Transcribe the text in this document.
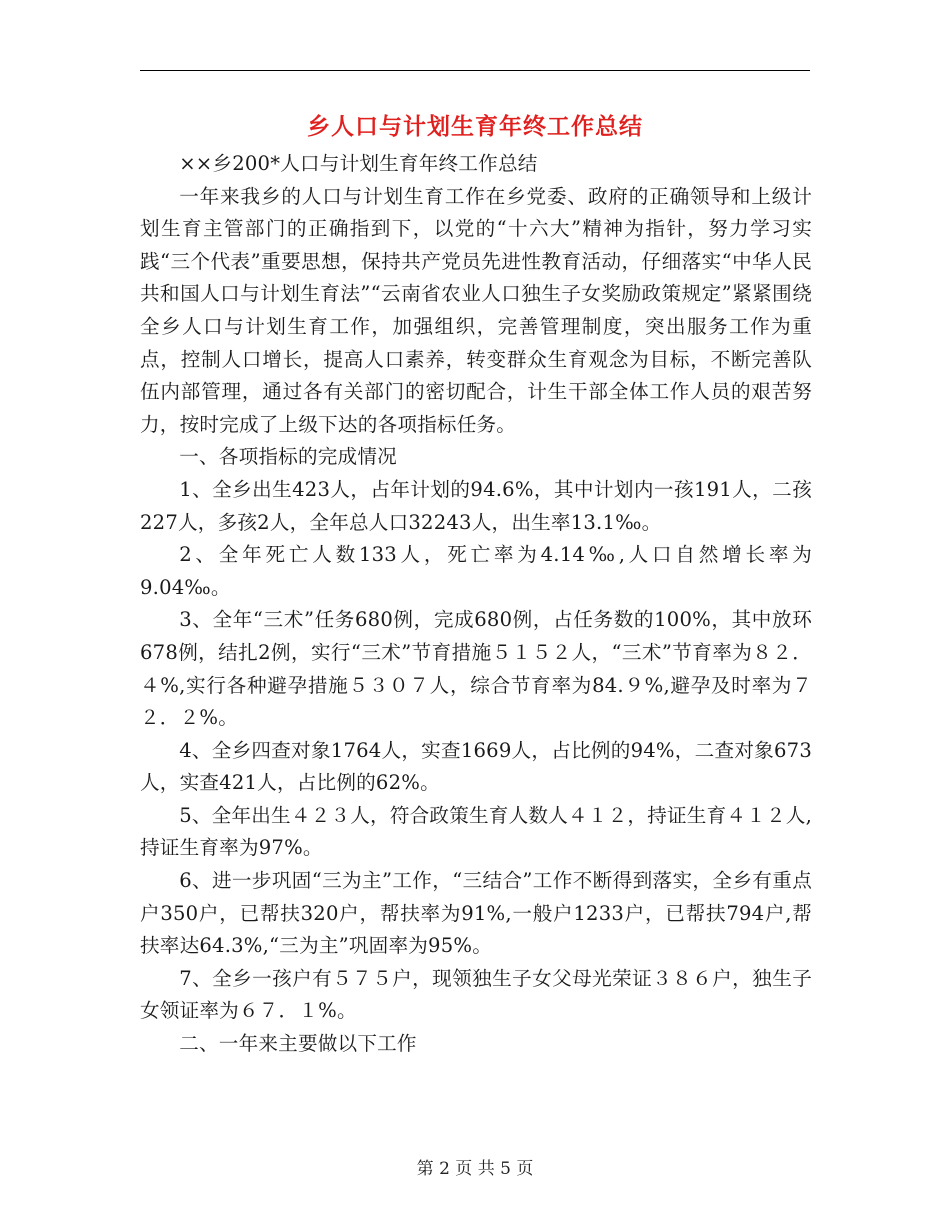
乡人口与计划生育年终工作总结

××乡200*人口与计划生育年终工作总结

一年来我乡的人口与计划生育工作在乡党委、政府的正确领导和上级计划生育主管部门的正确指到下，以党的“十六大”精神为指针，努力学习实践“三个代表”重要思想，保持共产党员先进性教育活动，仔细落实“中华人民共和国人口与计划生育法”“云南省农业人口独生子女奖励政策规定”紧紧围绕全乡人口与计划生育工作，加强组织，完善管理制度，突出服务工作为重点，控制人口增长，提高人口素养，转变群众生育观念为目标，不断完善队伍内部管理，通过各有关部门的密切配合，计生干部全体工作人员的艰苦努力，按时完成了上级下达的各项指标任务。

一、各项指标的完成情况

1、全乡出生423人，占年计划的94.6%，其中计划内一孩191人，二孩227人，多孩2人，全年总人口32243人，出生率13.1‰。

2、全年死亡人数133人，死亡率为4.14‰,人口自然增长率为9.04‰。

3、全年“三术”任务680例，完成680例，占任务数的100%，其中放环678例，结扎2例，实行“三术”节育措施５１５２人，“三术”节育率为８２．４%,实行各种避孕措施５３０７人，综合节育率为84.９%,避孕及时率为７２．２%。

4、全乡四查对象1764人，实查1669人，占比例的94%，二查对象673人，实查421人，占比例的62%。

5、全年出生４２３人，符合政策生育人数人４１２，持证生育４１２人,持证生育率为97%。

6、进一步巩固“三为主”工作，“三结合”工作不断得到落实，全乡有重点户350户，已帮扶320户，帮扶率为91%,一般户1233户，已帮扶794户,帮扶率达64.3%,“三为主”巩固率为95%。

7、全乡一孩户有５７５户，现领独生子女父母光荣证３８６户，独生子女领证率为６７．１%。

二、一年来主要做以下工作

第 2 页 共 5 页
